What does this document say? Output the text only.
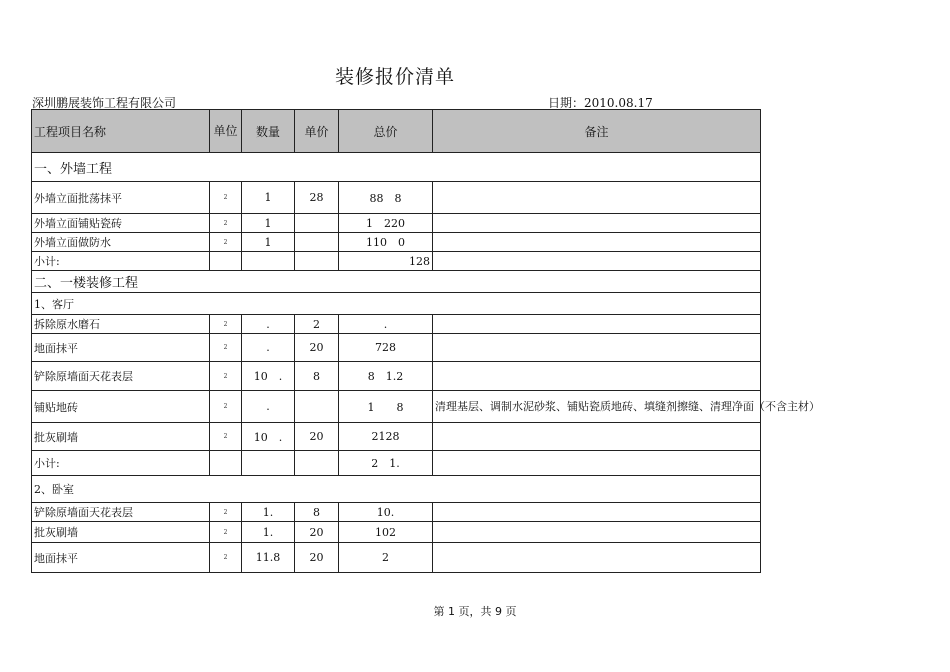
装修报价清单
深圳鹏展装饰工程有限公司	日期：2010.08.17
工程项目名称	单位	数量	单价	总价	备注
一、外墙工程					
外墙立面批荡抹平	2	1	28	88　8	
外墙立面铺贴瓷砖	2	1		1　220	
外墙立面做防水	2	1		110　0	
小计:				128	
二、一楼装修工程					
1、客厅					
拆除原水磨石	2	.	2	.	
地面抹平	2	.	20	728	
铲除原墙面天花表层	2	10　.	8	8　1.2	
铺贴地砖	2	.		1　　8	清理基层、调制水泥砂浆、铺贴瓷质地砖、填缝剂擦缝、清理净面（不含主材）
批灰刷墙	2	10　.	20	2128	
小计:				2　1.	
2、卧室					
铲除原墙面天花表层	2	1.	8	10.	
批灰刷墙	2	1.	20	102	
地面抹平	2	11.8	20	2	
第 1 页，共 9 页
